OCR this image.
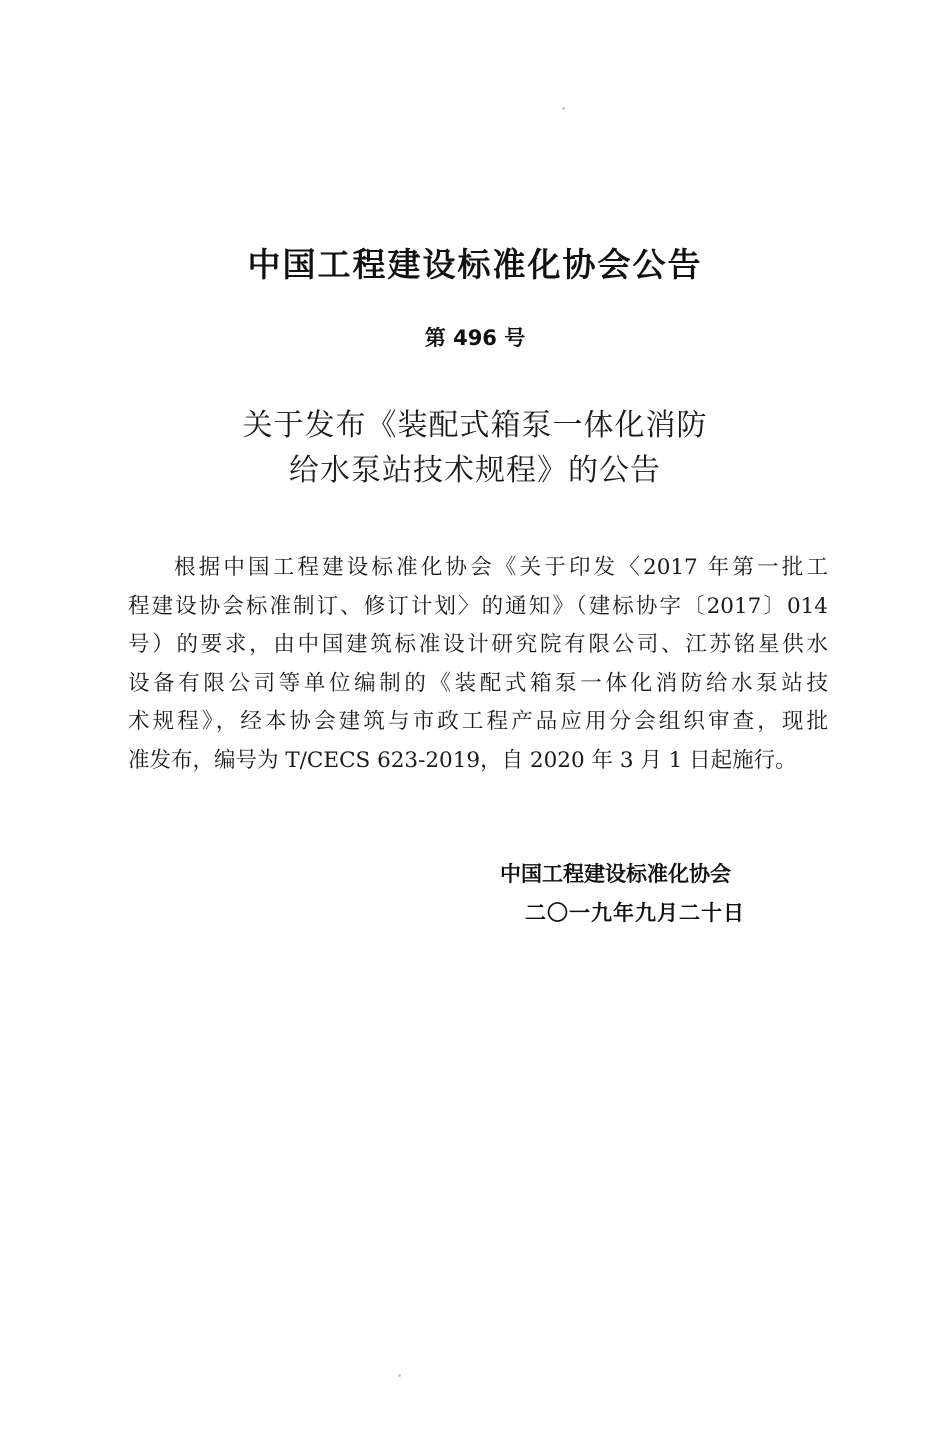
中国工程建设标准化协会公告
第 496 号
关于发布《装配式箱泵一体化消防
给水泵站技术规程》的公告
根据中国工程建设标准化协会《关于印发〈2017 年第一批工
程建设协会标准制订、修订计划〉的通知》（建标协字〔2017〕014
号）的要求，由中国建筑标准设计研究院有限公司、江苏铭星供水
设备有限公司等单位编制的《装配式箱泵一体化消防给水泵站技
术规程》，经本协会建筑与市政工程产品应用分会组织审查，现批
准发布，编号为 T/CECS 623-2019，自 2020 年 3 月 1 日起施行。
中国工程建设标准化协会
二〇一九年九月二十日
